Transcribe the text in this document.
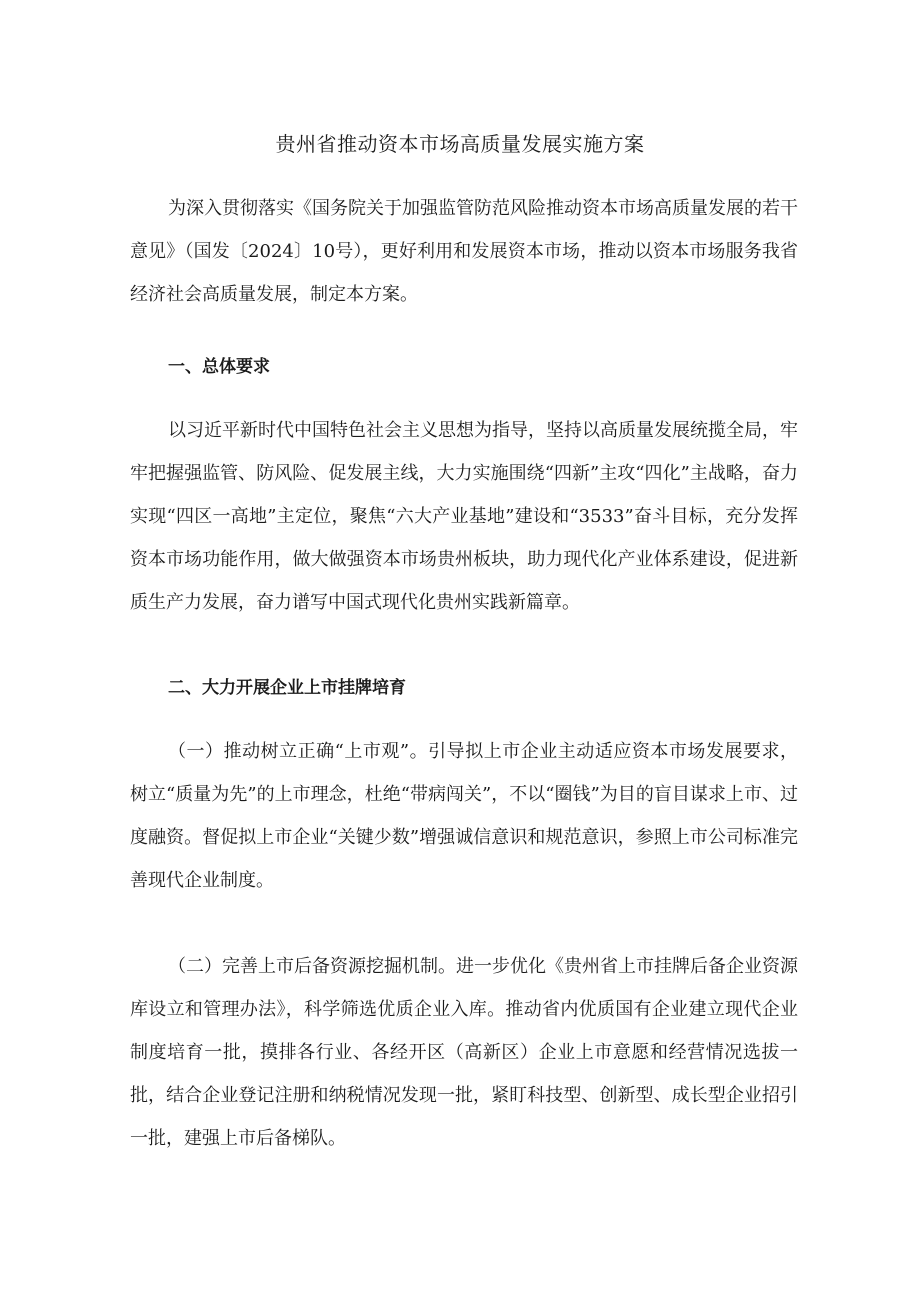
贵州省推动资本市场高质量发展实施方案

为深入贯彻落实《国务院关于加强监管防范风险推动资本市场高质量发展的若干意见》（国发〔2024〕10号），更好利用和发展资本市场，推动以资本市场服务我省经济社会高质量发展，制定本方案。

一、总体要求

以习近平新时代中国特色社会主义思想为指导，坚持以高质量发展统揽全局，牢牢把握强监管、防风险、促发展主线，大力实施围绕“四新”主攻“四化”主战略，奋力实现“四区一高地”主定位，聚焦“六大产业基地”建设和“3533”奋斗目标，充分发挥资本市场功能作用，做大做强资本市场贵州板块，助力现代化产业体系建设，促进新质生产力发展，奋力谱写中国式现代化贵州实践新篇章。

二、大力开展企业上市挂牌培育

（一）推动树立正确“上市观”。引导拟上市企业主动适应资本市场发展要求，树立“质量为先”的上市理念，杜绝“带病闯关”，不以“圈钱”为目的盲目谋求上市、过度融资。督促拟上市企业“关键少数”增强诚信意识和规范意识，参照上市公司标准完善现代企业制度。

（二）完善上市后备资源挖掘机制。进一步优化《贵州省上市挂牌后备企业资源库设立和管理办法》，科学筛选优质企业入库。推动省内优质国有企业建立现代企业制度培育一批，摸排各行业、各经开区（高新区）企业上市意愿和经营情况选拔一批，结合企业登记注册和纳税情况发现一批，紧盯科技型、创新型、成长型企业招引一批，建强上市后备梯队。
